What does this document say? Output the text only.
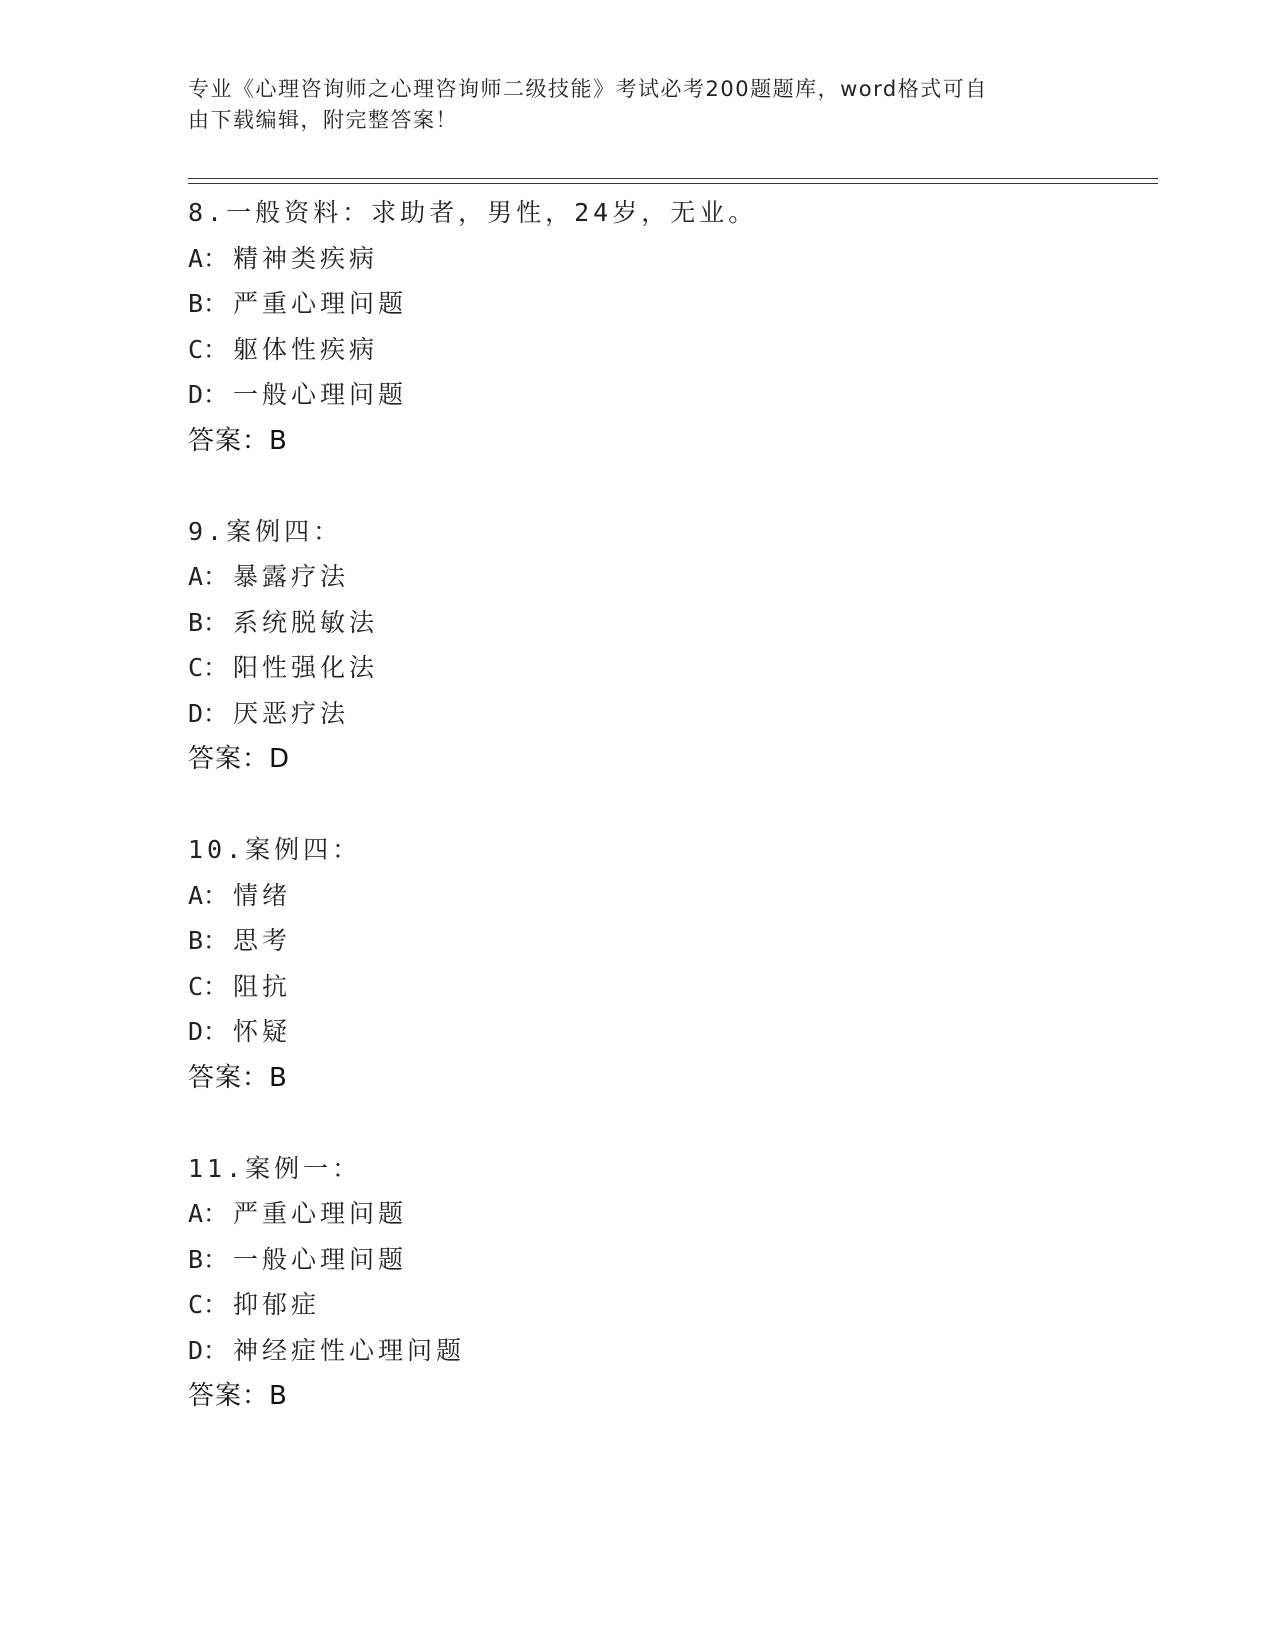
专业《心理咨询师之心理咨询师二级技能》考试必考200题题库，word格式可自
由下载编辑，附完整答案！
8.一般资料：求助者，男性，24岁，无业。
A： 精神类疾病
B： 严重心理问题
C： 躯体性疾病
D： 一般心理问题
答案：B
9.案例四：
A： 暴露疗法
B： 系统脱敏法
C： 阳性强化法
D： 厌恶疗法
答案：D
10.案例四：
A： 情绪
B： 思考
C： 阻抗
D： 怀疑
答案：B
11.案例一：
A： 严重心理问题
B： 一般心理问题
C： 抑郁症
D： 神经症性心理问题
答案：B
